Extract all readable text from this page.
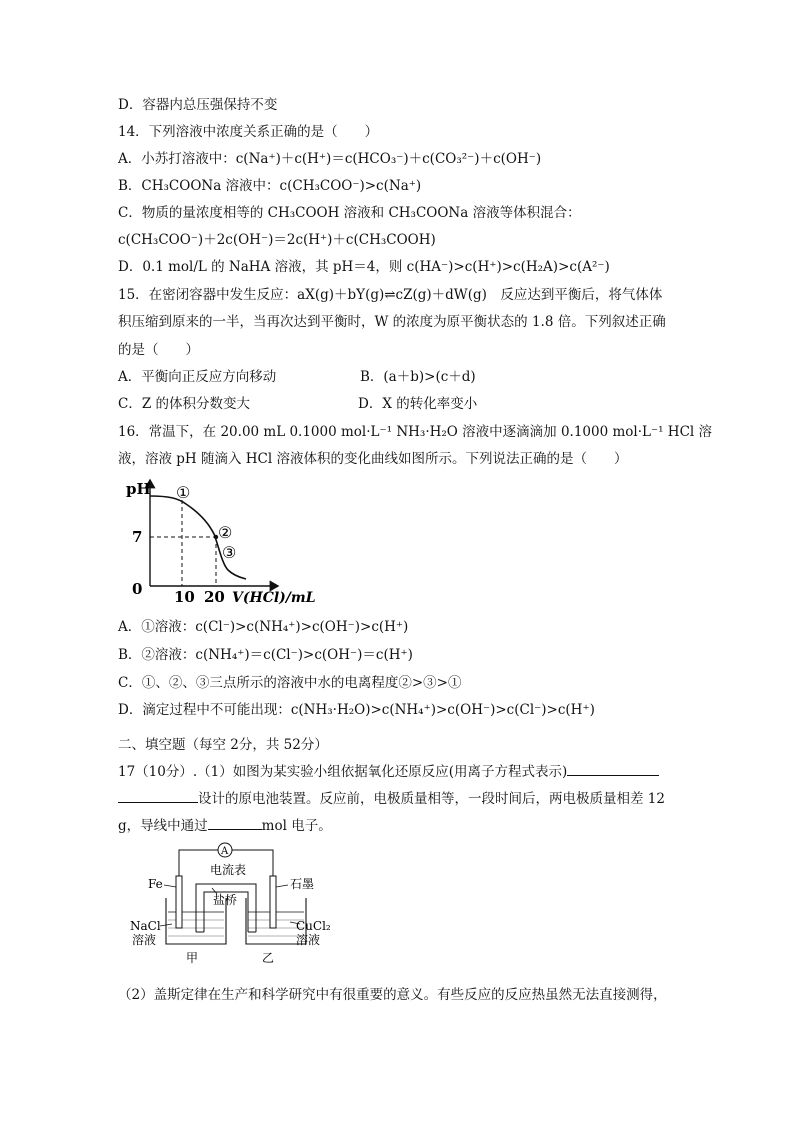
D．容器内总压强保持不变
14．下列溶液中浓度关系正确的是（　　）
A．小苏打溶液中：c(Na⁺)＋c(H⁺)＝c(HCO₃⁻)＋c(CO₃²⁻)＋c(OH⁻)
B．CH₃COONa 溶液中：c(CH₃COO⁻)>c(Na⁺)
C．物质的量浓度相等的 CH₃COOH 溶液和 CH₃COONa 溶液等体积混合：
c(CH₃COO⁻)＋2c(OH⁻)＝2c(H⁺)＋c(CH₃COOH)
D．0.1 mol/L 的 NaHA 溶液，其 pH＝4，则 c(HA⁻)>c(H⁺)>c(H₂A)>c(A²⁻)
15．在密闭容器中发生反应：aX(g)＋bY(g)⇌cZ(g)＋dW(g)　反应达到平衡后，将气体体
积压缩到原来的一半，当再次达到平衡时，W 的浓度为原平衡状态的 1.8 倍。下列叙述正确
的是（　　）
A．平衡向正反应方向移动	B．(a＋b)>(c＋d)
C．Z 的体积分数变大	D．X 的转化率变小
16．常温下，在 20.00 mL 0.1000 mol·L⁻¹ NH₃·H₂O 溶液中逐滴滴加 0.1000 mol·L⁻¹ HCl 溶
液，溶液 pH 随滴入 HCl 溶液体积的变化曲线如图所示。下列说法正确的是（　　）
pH
7
0 10 20 V(HCl)/mL
①
②
③
A．①溶液：c(Cl⁻)>c(NH₄⁺)>c(OH⁻)>c(H⁺)
B．②溶液：c(NH₄⁺)＝c(Cl⁻)>c(OH⁻)＝c(H⁺)
C．①、②、③三点所示的溶液中水的电离程度②>③>①
D．滴定过程中不可能出现：c(NH₃·H₂O)>c(NH₄⁺)>c(OH⁻)>c(Cl⁻)>c(H⁺)
二、填空题（每空 2分，共 52分）
17（10分）.（1）如图为某实验小组依据氧化还原反应(用离子方程式表示)
设计的原电池装置。反应前，电极质量相等，一段时间后，两电极质量相差 12
g，导线中通过	mol 电子。
A
电流表
盐桥
Fe	石墨
NaCl
溶液
CuCl₂
溶液
甲	乙
（2）盖斯定律在生产和科学研究中有很重要的意义。有些反应的反应热虽然无法直接测得，
